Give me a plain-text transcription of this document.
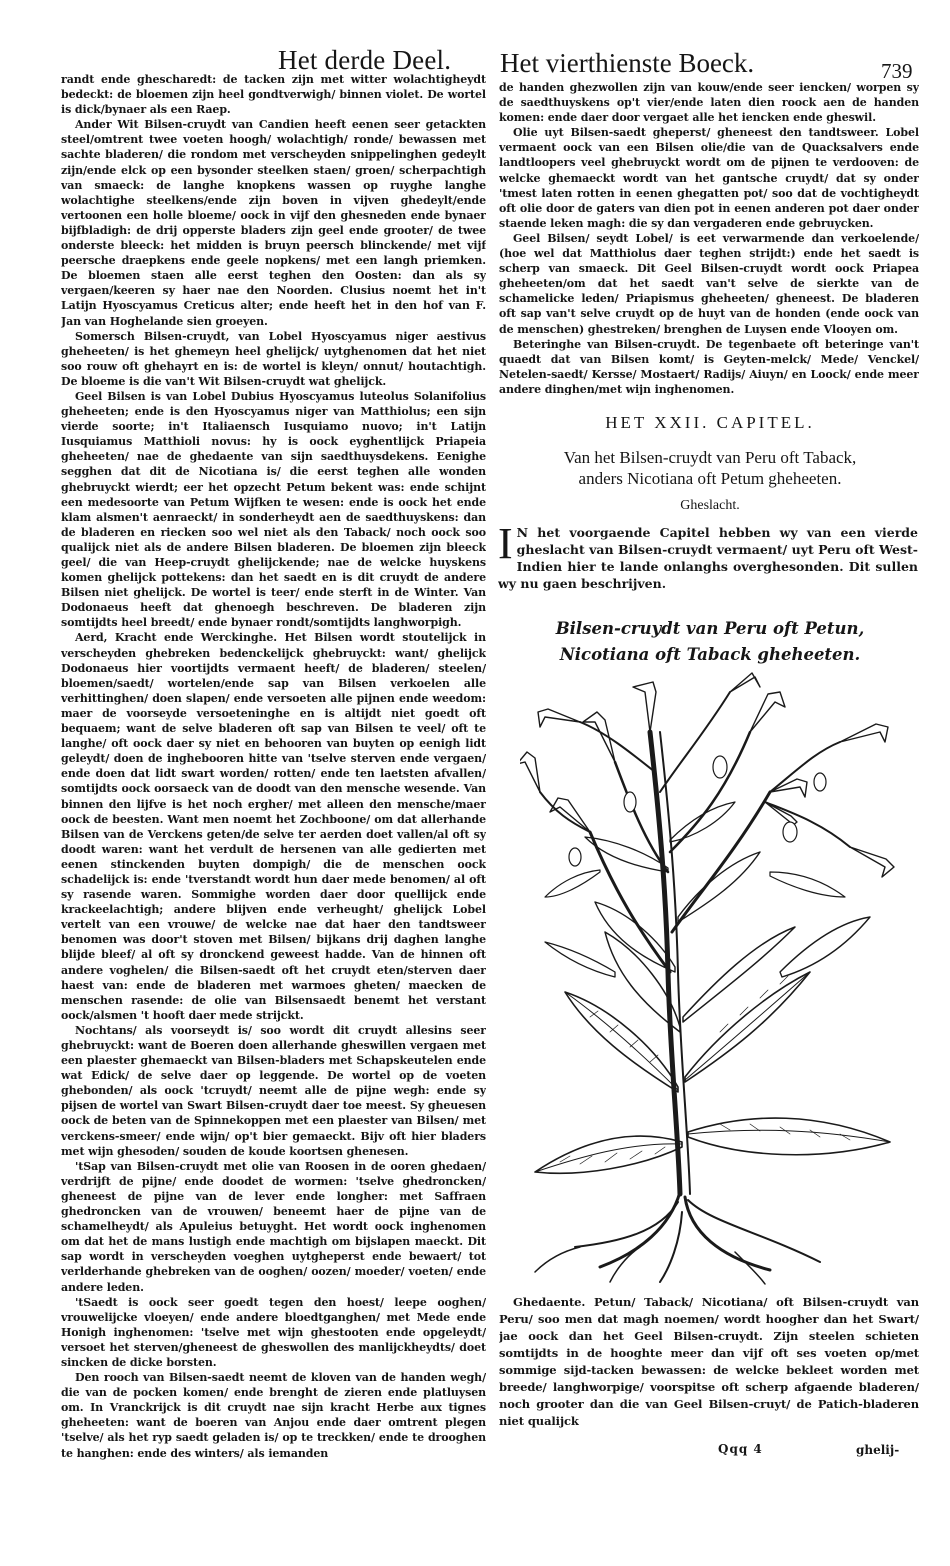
Het derde Deel. Het vierthienste Boeck.	739

randt ende ghescharedt: de tacken zijn met witter wolachtigheydt bedeckt: de bloemen zijn heel gondtverwigh/ binnen violet. De wortel is dick/bynaer als een Raep.

Ander Wit Bilsen-cruydt van Candien heeft eenen seer getackten steel/omtrent twee voeten hoogh/ wolachtigh/ ronde/ bewassen met sachte bladeren/ die rondom met verscheyden snippelinghen gedeylt zijn/ende elck op een bysonder steelken staen/ groen/ scherpachtigh van smaeck: de langhe knopkens wassen op ruyghe langhe wolachtighe steelkens/ende zijn boven in vijven ghedeylt/ende vertoonen een holle bloeme/ oock in vijf den ghesneden ende bynaer bijfbladigh: de drij opperste bladers zijn geel ende grooter/ de twee onderste bleeck: het midden is bruyn peersch blinckende/ met vijf peersche draepkens ende geele nopkens/ met een langh priemken. De bloemen staen alle eerst teghen den Oosten: dan als sy vergaen/keeren sy haer nae den Noorden. Clusius noemt het in't Latijn Hyoscyamus Creticus alter; ende heeft het in den hof van F. Jan van Hoghelande sien groeyen.

Somersch Bilsen-cruydt, van Lobel Hyoscyamus niger aestivus gheheeten/ is het ghemeyn heel ghelijck/ uytghenomen dat het niet soo rouw oft ghehayrt en is: de wortel is kleyn/ onnut/ houtachtigh. De bloeme is die van't Wit Bilsen-cruydt wat ghelijck.

Geel Bilsen is van Lobel Dubius Hyoscyamus luteolus Solanifolius gheheeten; ende is den Hyoscyamus niger van Matthiolus; een sijn vierde soorte; in't Italiaensch Iusquiamo nuovo; in't Latijn Iusquiamus Matthioli novus: hy is oock eyghentlijck Priapeia gheheeten/ nae de ghedaente van sijn saedthuysdekens. Eenighe segghen dat dit de Nicotiana is/ die eerst teghen alle wonden ghebruyckt wierdt; eer het opzecht Petum bekent was: ende schijnt een medesoorte van Petum Wijfken te wesen: ende is oock het ende klam alsmen't aenraeckt/ in sonderheydt aen de saedthuyskens: dan de bladeren en riecken soo wel niet als den Taback/ noch oock soo qualijck niet als de andere Bilsen bladeren. De bloemen zijn bleeck geel/ die van Heep-cruydt ghelijckende; nae de welcke huyskens komen ghelijck pottekens: dan het saedt en is dit cruydt de andere Bilsen niet ghelijck. De wortel is teer/ ende sterft in de Winter. Van Dodonaeus heeft dat ghenoegh beschreven. De bladeren zijn somtijdts heel breedt/ ende bynaer rondt/somtijdts langhworpigh.

Aerd, Kracht ende Werckinghe. Het Bilsen wordt stoutelijck in verscheyden ghebreken bedenckelijck ghebruyckt: want/ ghelijck Dodonaeus hier voortijdts vermaent heeft/ de bladeren/ steelen/ bloemen/saedt/ wortelen/ende sap van Bilsen verkoelen alle verhittinghen/ doen slapen/ ende versoeten alle pijnen ende weedom: maer de voorseyde versoeteninghe en is altijdt niet goedt oft bequaem; want de selve bladeren oft sap van Bilsen te veel/ oft te langhe/ oft oock daer sy niet en behooren van buyten op eenigh lidt geleydt/ doen de inghebooren hitte van 'tselve sterven ende vergaen/ ende doen dat lidt swart worden/ rotten/ ende ten laetsten afvallen/ somtijdts oock oorsaeck van de doodt van den mensche wesende. Van binnen den lijfve is het noch ergher/ met alleen den mensche/maer oock de beesten. Want men noemt het Zochboone/ om dat allerhande Bilsen van de Verckens geten/de selve ter aerden doet vallen/al oft sy doodt waren: want het verdult de hersenen van alle gedierten met eenen stinckenden buyten dompigh/ die de menschen oock schadelijck is: ende 'tverstandt wordt hun daer mede benomen/ al oft sy rasende waren. Sommighe worden daer door quellijck ende krackeelachtigh; andere blijven ende verheught/ ghelijck Lobel vertelt van een vrouwe/ de welcke nae dat haer den tandtsweer benomen was door't stoven met Bilsen/ bijkans drij daghen langhe blijde bleef/ al oft sy dronckend geweest hadde. Van de hinnen oft andere voghelen/ die Bilsen-saedt oft het cruydt eten/sterven daer haest van: ende de bladeren met warmoes gheten/ maecken de menschen rasende: de olie van Bilsensaedt benemt het verstant oock/alsmen 't hooft daer mede strijckt.

Nochtans/ als voorseydt is/ soo wordt dit cruydt allesins seer ghebruyckt: want de Boeren doen allerhande gheswillen vergaen met een plaester ghemaeckt van Bilsen-bladers met Schapskeutelen ende wat Edick/ de selve daer op leggende. De wortel op de voeten ghebonden/ als oock 'tcruydt/ neemt alle de pijne wegh: ende sy pijsen de wortel van Swart Bilsen-cruydt daer toe meest. Sy gheuesen oock de beten van de Spinnekoppen met een plaester van Bilsen/ met verckens-smeer/ ende wijn/ op't bier gemaeckt. Bijv oft hier bladers met wijn ghesoden/ souden de koude koortsen ghenesen.

'tSap van Bilsen-cruydt met olie van Roosen in de ooren ghedaen/ verdrijft de pijne/ ende doodet de wormen: 'tselve ghedroncken/ gheneest de pijne van de lever ende longher: met Saffraen ghedroncken van de vrouwen/ beneemt haer de pijne van de schamelheydt/ als Apuleius betuyght. Het wordt oock inghenomen om dat het de mans lustigh ende machtigh om bijslapen maeckt. Dit sap wordt in verscheyden voeghen uytgheperst ende bewaert/ tot verlderhande ghebreken van de ooghen/ oozen/ moeder/ voeten/ ende andere leden.

'tSaedt is oock seer goedt tegen den hoest/ leepe ooghen/ vrouwelijcke vloeyen/ ende andere bloedtganghen/ met Mede ende Honigh inghenomen: 'tselve met wijn ghestooten ende opgeleydt/ versoet het sterven/gheneest de gheswollen des manlijckheydts/ doet sincken de dicke borsten.

Den rooch van Bilsen-saedt neemt de kloven van de handen wegh/ die van de pocken komen/ ende brenght de zieren ende platluysen om. In Vranckrijck is dit cruydt nae sijn kracht Herbe aux tignes gheheeten: want de boeren van Anjou ende daer omtrent plegen 'tselve/ als het ryp saedt geladen is/ op te treckken/ ende te drooghen te hanghen: ende des winters/ als iemanden

de handen ghezwollen zijn van kouw/ende seer iencken/ worpen sy de saedthuyskens op't vier/ende laten dien roock aen de handen komen: ende daer door vergaet alle het iencken ende gheswil.

Olie uyt Bilsen-saedt gheperst/ gheneest den tandtsweer. Lobel vermaent oock van een Bilsen olie/die van de Quacksalvers ende landtloopers veel ghebruyckt wordt om de pijnen te verdooven: de welcke ghemaeckt wordt van het gantsche cruydt/ dat sy onder 'tmest laten rotten in eenen ghegatten pot/ soo dat de vochtigheydt oft olie door de gaters van dien pot in eenen anderen pot daer onder staende leken magh: die sy dan vergaderen ende gebruycken.

Geel Bilsen/ seydt Lobel/ is eet verwarmende dan verkoelende/ (hoe wel dat Matthiolus daer teghen strijdt:) ende het saedt is scherp van smaeck. Dit Geel Bilsen-cruydt wordt oock Priapea gheheeten/om dat het saedt van't selve de sierkte van de schamelicke leden/ Priapismus gheheeten/ gheneest. De bladeren oft sap van't selve cruydt op de huyt van de honden (ende oock van de menschen) ghestreken/ brenghen de Luysen ende Vlooyen om.

Beteringhe van Bilsen-cruydt. De tegenbaete oft beteringe van't quaedt dat van Bilsen komt/ is Geyten-melck/ Mede/ Venckel/ Netelen-saedt/ Kersse/ Mostaert/ Radijs/ Aiuyn/ en Loock/ ende meer andere dinghen/met wijn inghenomen.

HET XXII. CAPITEL.
Van het Bilsen-cruydt van Peru oft Taback,
anders Nicotiana oft Petum gheheeten.
Gheslacht.
I N het voorgaende Capitel hebben wy van een vierde gheslacht van Bilsen-cruydt vermaent/ uyt Peru oft West-Indien hier te lande onlanghs overghesonden. Dit sullen wy nu gaen beschrijven.

Bilsen-cruydt van Peru oft Petun,
Nicotiana oft Taback gheheeten.

Ghedaente. Petun/ Taback/ Nicotiana/ oft Bilsen-cruydt van Peru/ soo men dat magh noemen/ wordt hoogher dan het Swart/ jae oock dan het Geel Bilsen-cruydt. Zijn steelen schieten somtijdts in de hooghte meer dan vijf oft ses voeten op/met sommige sijd-tacken bewassen: de welcke bekleet worden met breede/ langhworpige/ voorspitse oft scherp afgaende bladeren/ noch grooter dan die van Geel Bilsen-cruyt/ de Patich-bladeren niet qualijck

Qqq 4	ghelij-
